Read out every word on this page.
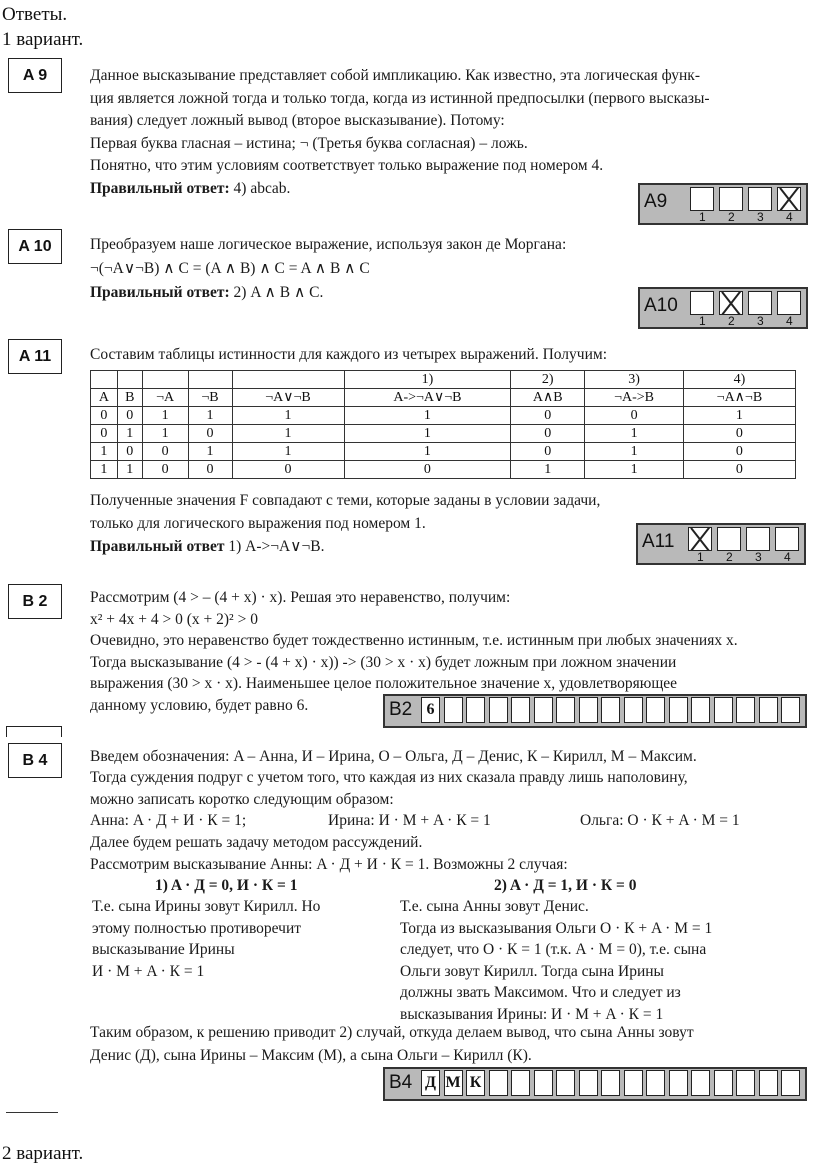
Ответы.
1 вариант.
2 вариант.
A 9	Данное высказывание представляет собой импликацию. Как известно, эта логическая функ-
ция является ложной тогда и только тогда, когда из истинной предпосылки (первого высказы-
вания) следует ложный вывод (второе высказывание). Потому:
Первая буква гласная – истина; ¬ (Третья буква согласная) – ложь.
Понятно, что этим условиям соответствует только выражение под номером 4.
Правильный ответ: 4) abcab.
A9
1 2 3 4
A 10	Преобразуем наше логическое выражение, используя закон де Моргана:
¬(¬A∨¬B) ∧ C = (A ∧ B) ∧ C = A ∧ B ∧ C
Правильный ответ: 2) A ∧ B ∧ C.
A10
1 2 3 4
A 11	Составим таблицы истинности для каждого из четырех выражений. Получим:
					1)	2)	3)	4)
A	B	¬A	¬B	¬A∨¬B	A->¬A∨¬B	A∧B	¬A->B	¬A∧¬B
0	0	1	1	1	1	0	0	1
0	1	1	0	1	1	0	1	0
1	0	0	1	1	1	0	1	0
1	1	0	0	0	0	1	1	0
Полученные значения F совпадают с теми, которые заданы в условии задачи,
только для логического выражения под номером 1.
Правильный ответ 1) A->¬A∨¬B.	A11
1 2 3 4
B 2	Рассмотрим (4 > – (4 + x) · x). Решая это неравенство, получим:
x² + 4x + 4 > 0 (x + 2)² > 0
Очевидно, это неравенство будет тождественно истинным, т.е. истинным при любых значениях x.
Тогда высказывание (4 > - (4 + x) · x)) -> (30 > x · x) будет ложным при ложном значении
выражения (30 > x · x). Наименьшее целое положительное значение x, удовлетворяющее
данному условию, будет равно 6.	B2 6
B 4	Введем обозначения: A – Анна, И – Ирина, О – Ольга, Д – Денис, К – Кирилл, М – Максим.
Тогда суждения подруг с учетом того, что каждая из них сказала правду лишь наполовину,
можно записать коротко следующим образом:
Анна: A · Д + И · К = 1;	Ирина: И · М + A · К = 1	Ольга: О · К + A · М = 1
Далее будем решать задачу методом рассуждений.
Рассмотрим высказывание Анны: A · Д + И · К = 1. Возможны 2 случая:
1) A · Д = 0, И · К = 1	2) A · Д = 1, И · К = 0
Т.е. сына Ирины зовут Кирилл. Но
этому полностью противоречит
высказывание Ирины
И · М + A · К = 1
Т.е. сына Анны зовут Денис.
Тогда из высказывания Ольги О · К + A · М = 1
следует, что О · К = 1 (т.к. A · М = 0), т.е. сына
Ольги зовут Кирилл. Тогда сына Ирины
должны звать Максимом. Что и следует из
высказывания Ирины: И · М + A · К = 1
Таким образом, к решению приводит 2) случай, откуда делаем вывод, что сына Анны зовут
Денис (Д), сына Ирины – Максим (М), а сына Ольги – Кирилл (К).
B4 Д М К
